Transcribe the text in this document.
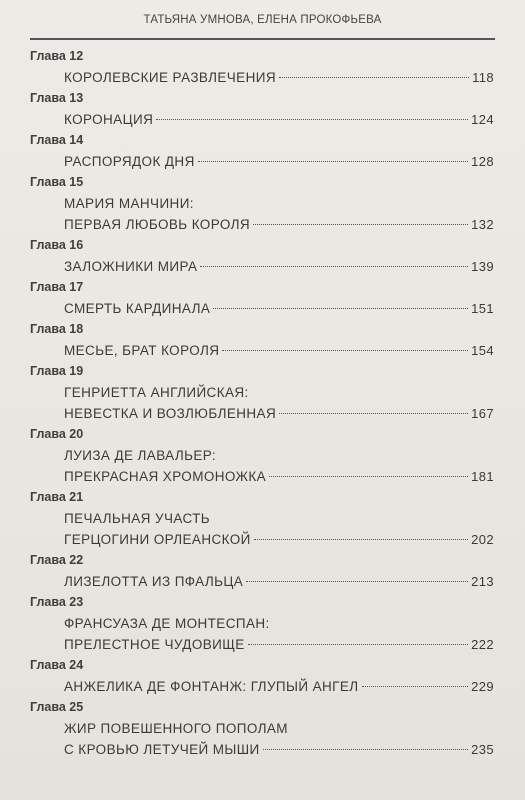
ТАТЬЯНА УМНОВА, ЕЛЕНА ПРОКОФЬЕВА
Глава 12
КОРОЛЕВСКИЕ РАЗВЛЕЧЕНИЯ	118
Глава 13
КОРОНАЦИЯ	124
Глава 14
РАСПОРЯДОК ДНЯ	128
Глава 15
МАРИЯ МАНЧИНИ:
ПЕРВАЯ ЛЮБОВЬ КОРОЛЯ	132
Глава 16
ЗАЛОЖНИКИ МИРА	139
Глава 17
СМЕРТЬ КАРДИНАЛА	151
Глава 18
МЕСЬЕ, БРАТ КОРОЛЯ	154
Глава 19
ГЕНРИЕТТА АНГЛИЙСКАЯ:
НЕВЕСТКА И ВОЗЛЮБЛЕННАЯ	167
Глава 20
ЛУИЗА ДЕ ЛАВАЛЬЕР:
ПРЕКРАСНАЯ ХРОМОНОЖКА	181
Глава 21
ПЕЧАЛЬНАЯ УЧАСТЬ
ГЕРЦОГИНИ ОРЛЕАНСКОЙ	202
Глава 22
ЛИЗЕЛОТТА ИЗ ПФАЛЬЦА	213
Глава 23
ФРАНСУАЗА ДЕ МОНТЕСПАН:
ПРЕЛЕСТНОЕ ЧУДОВИЩЕ	222
Глава 24
АНЖЕЛИКА ДЕ ФОНТАНЖ: ГЛУПЫЙ АНГЕЛ	229
Глава 25
ЖИР ПОВЕШЕННОГО ПОПОЛАМ
С КРОВЬЮ ЛЕТУЧЕЙ МЫШИ	235
